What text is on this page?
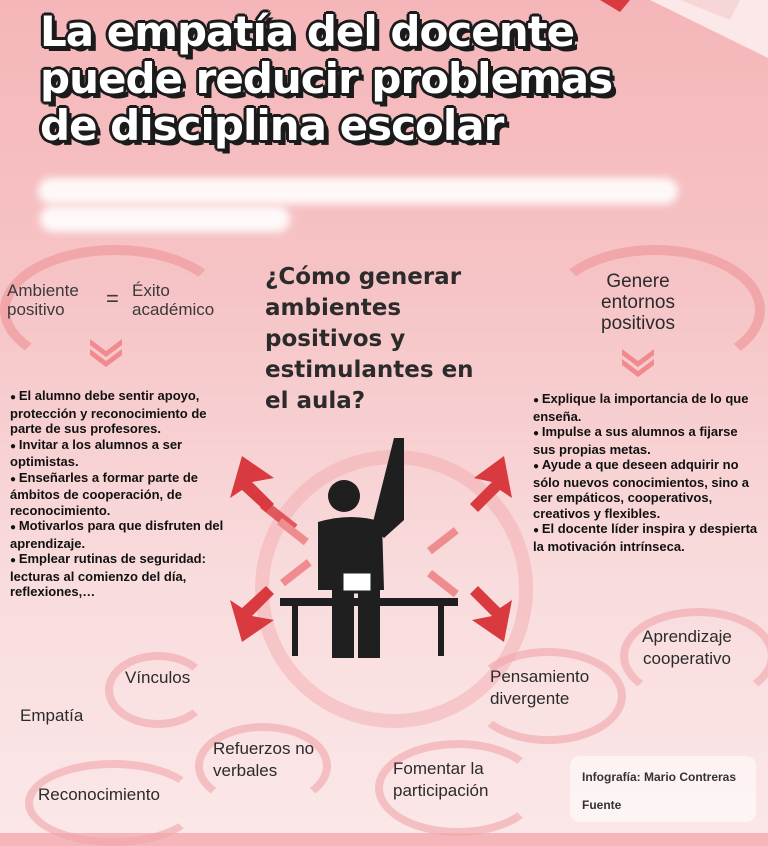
La empatía del docente puede reducir problemas de disciplina escolar
Ambiente positivo	= Éxito académico
¿Cómo generar ambientes positivos y estimulantes en el aula?
Genere entornos positivos
● El alumno debe sentir apoyo, protección y reconocimiento de parte de sus profesores.
● Invitar a los alumnos a ser optimistas.
● Enseñarles a formar parte de ámbitos de cooperación, de reconocimiento.
● Motivarlos para que disfruten del aprendizaje.
● Emplear rutinas de seguridad: lecturas al comienzo del día, reflexiones,…
● Explique la importancia de lo que enseña.
● Impulse a sus alumnos a fijarse sus propias metas.
● Ayude a que deseen adquirir no sólo nuevos conocimientos, sino a ser empáticos, cooperativos, creativos y flexibles.
● El docente líder inspira y despierta la motivación intrínseca.
Vínculos
Empatía
Refuerzos no verbales
Reconocimiento
Pensamiento divergente
Aprendizaje cooperativo
Fomentar la participación
Infografía: Mario Contreras
Fuente
